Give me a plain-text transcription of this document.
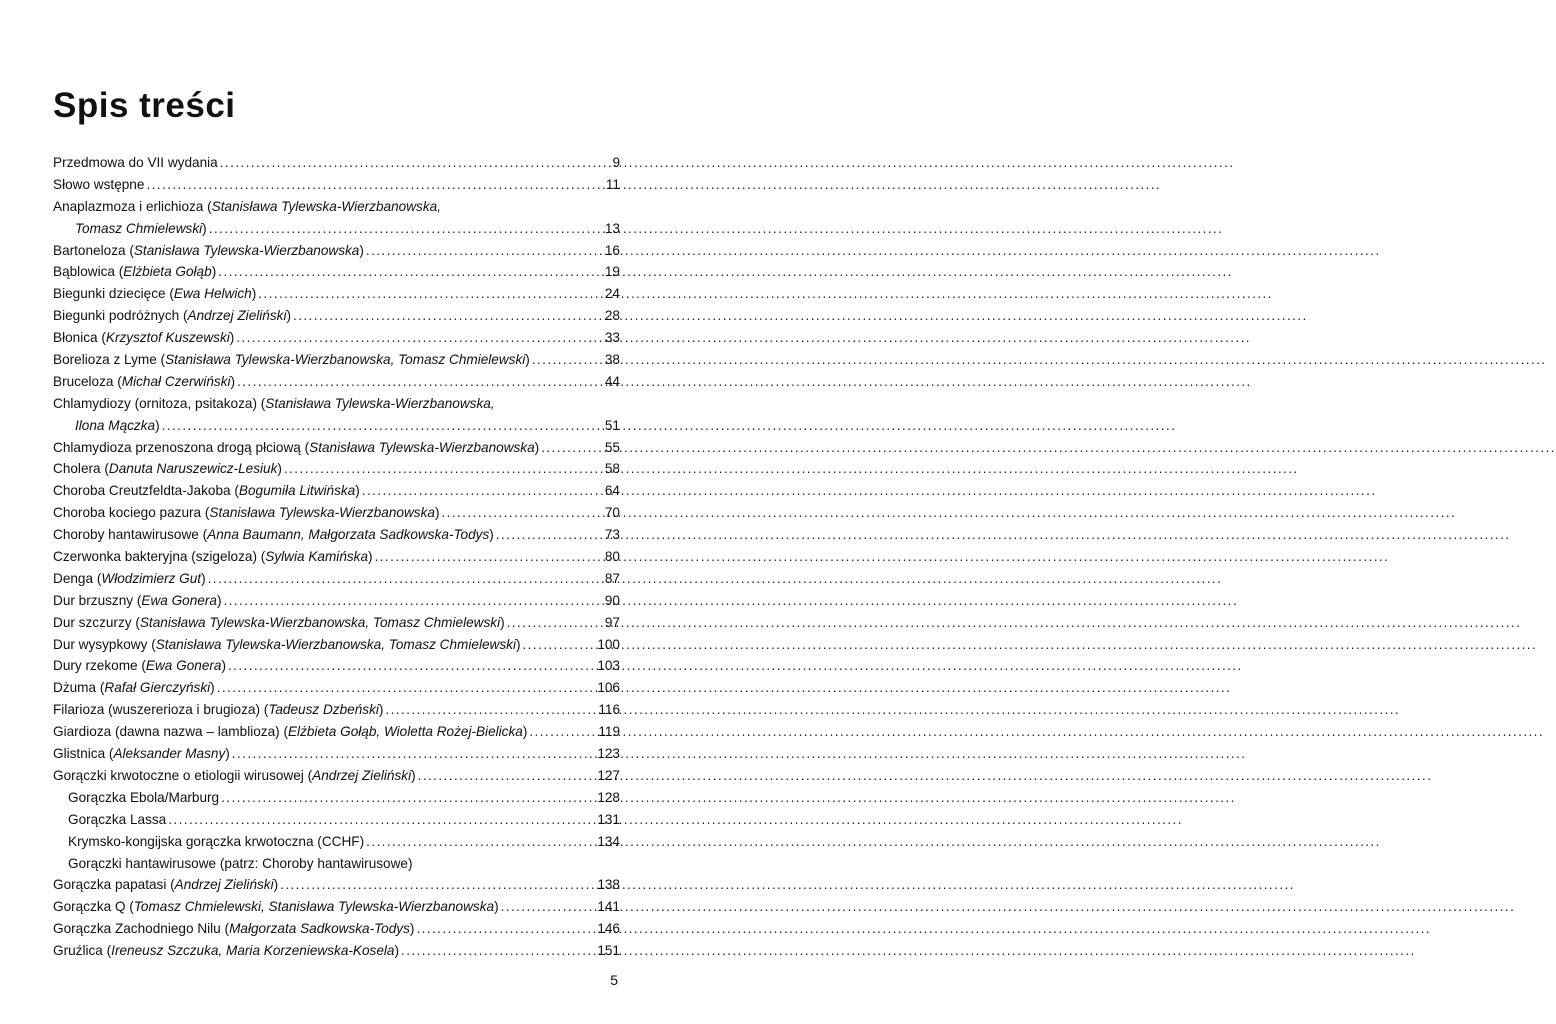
Spis treści
Przedmowa do VII wydania .....	9
Słowo wstępne .....	11
Anaplazmoza i erlichioza (Stanisława Tylewska-Wierzbanowska,
Tomasz Chmielewski) .....	13
Bartoneloza (Stanisława Tylewska-Wierzbanowska) .....	16
Bąblowica (Elżbieta Gołąb) .....	19
Biegunki dziecięce (Ewa Helwich) .....	24
Biegunki podróżnych (Andrzej Zieliński) .....	28
Błonica (Krzysztof Kuszewski) .....	33
Borelioza z Lyme (Stanisława Tylewska-Wierzbanowska, Tomasz Chmielewski) .....	38
Bruceloza (Michał Czerwiński) .....	44
Chlamydiozy (ornitoza, psitakoza) (Stanisława Tylewska-Wierzbanowska,
Ilona Mączka) .....	51
Chlamydioza przenoszona drogą płciową (Stanisława Tylewska-Wierzbanowska) .....	55
Cholera (Danuta Naruszewicz-Lesiuk) .....	58
Choroba Creutzfeldta-Jakoba (Bogumiła Litwińska) .....	64
Choroba kociego pazura (Stanisława Tylewska-Wierzbanowska) .....	70
Choroby hantawirusowe (Anna Baumann, Małgorzata Sadkowska-Todys) .....	73
Czerwonka bakteryjna (szigeloza) (Sylwia Kamińska) .....	80
Denga (Włodzimierz Gut) .....	87
Dur brzuszny (Ewa Gonera) .....	90
Dur szczurzy (Stanisława Tylewska-Wierzbanowska, Tomasz Chmielewski) .....	97
Dur wysypkowy (Stanisława Tylewska-Wierzbanowska, Tomasz Chmielewski) .....	100
Dury rzekome (Ewa Gonera) .....	103
Dżuma (Rafał Gierczyński) .....	106
Filarioza (wuszererioza i brugioza) (Tadeusz Dzbeński) .....	116
Giardioza (dawna nazwa – lamblioza) (Elżbieta Gołąb, Wioletta Rożej-Bielicka) .....	119
Glistnica (Aleksander Masny) .....	123
Gorączki krwotoczne o etiologii wirusowej (Andrzej Zieliński) .....	127
Gorączka Ebola/Marburg .....	128
Gorączka Lassa .....	131
Krymsko-kongijska gorączka krwotoczna (CCHF) .....	134
Gorączki hantawirusowe (patrz: Choroby hantawirusowe)
Gorączka papatasi (Andrzej Zieliński) .....	138
Gorączka Q (Tomasz Chmielewski, Stanisława Tylewska-Wierzbanowska) .....	141
Gorączka Zachodniego Nilu (Małgorzata Sadkowska-Todys) .....	146
Gruźlica (Ireneusz Szczuka, Maria Korzeniewska-Kosela) .....	151
5
